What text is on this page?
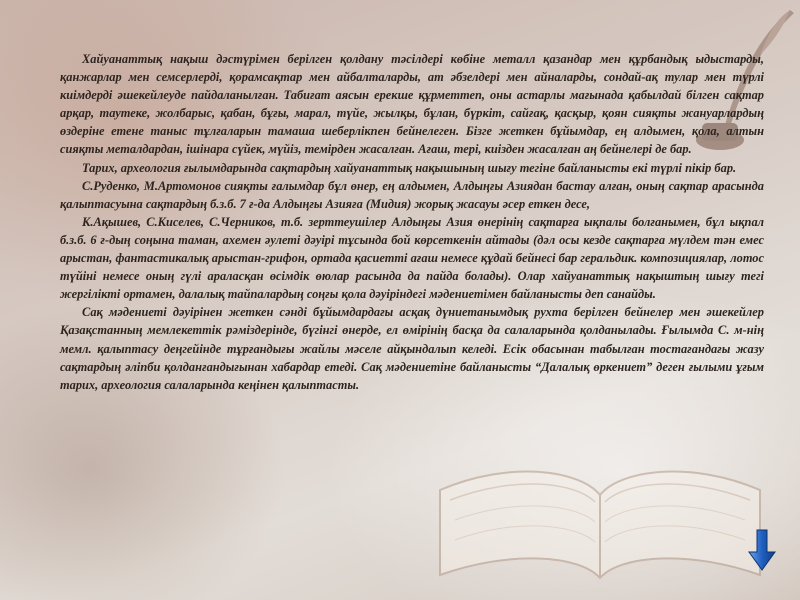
Хайуанаттық нақыш дәстүрімен берілген қолдану тәсілдері көбіне металл қазандар мен құрбандық ыдыстарды, қанжарлар мен семсерлерді, қорамсақтар мен айбалталарды, ат әбзелдері мен айналарды, сондай-ақ тулар мен түрлі киімдерді әшекейлеуде пайдаланылған. Табиғат аясын ерекше құрметтеп, оны астарлы мағынада қабылдай білген сақтар арқар, таутеке, жолбарыс, қабан, бұғы, марал, түйе, жылқы, бұлан, бүркіт, сайғақ, қасқыр, қоян сияқты жануарлардың өздеріне етене таныс тұлғаларын тамаша шеберлікпен бейнелеген. Бізге жеткен бұйымдар, ең алдымен, қола, алтын сияқты металдардан, ішінара сүйек, мүйіз, темірден жасалған. Ағаш, тері, киізден жасалған аң бейнелері де бар.

Тарих, археология ғылымдарында сақтардың хайуанаттық нақышының шығу тегіне байланысты екі түрлі пікір бар.

С.Руденко, М.Артомонов сияқты ғалымдар бұл өнер, ең алдымен, Алдыңғы Азиядан бастау алған, оның сақтар арасында қалыптасуына сақтардың б.з.б. 7 ғ-да Алдыңғы Азияға (Мидия) жорық жасауы әсер еткен десе,

К.Ақышев, С.Киселев, С.Черников, т.б. зерттеушілер Алдыңғы Азия өнерінің сақтарға ықпалы болғанымен, бұл ықпал б.з.б. 6 ғ-дың соңына таман, ахемен әулеті дәуірі тұсында бой көрсеткенін айтады (дәл осы кезде сақтарға мүлдем тән емес арыстан, фантастикалық арыстан-грифон, ортада қасиетті ағаш немесе құдай бейнесі бар геральдик. композициялар, лотос түйіні немесе оның гүлі араласқан өсімдік өюлар расында да пайда болады). Олар хайуанаттық нақыштың шығу тегі жергілікті ортамен, далалық тайпалардың соңғы қола дәуіріндегі мәдениетімен байланысты деп санайды.

Сақ мәдениеті дәуірінен жеткен сәнді бұйымдардағы асқақ дүниетанымдық рухта берілген бейнелер мен әшекейлер Қазақстанның мемлекеттік рәміздерінде, бүгінгі өнерде, ел өмірінің басқа да салаларында қолданылады. Ғылымда С. м-нің мемл. қалыптасу деңгейінде тұрғандығы жайлы мәселе айқындалып келеді. Есік обасынан табылған тостағандағы жазу сақтардың әліпби қолданғандығынан хабардар етеді. Сақ мәдениетіне байланысты “Далалық өркениет” деген ғылыми ұғым тарих, археология салаларында кеңінен қалыптасты.
